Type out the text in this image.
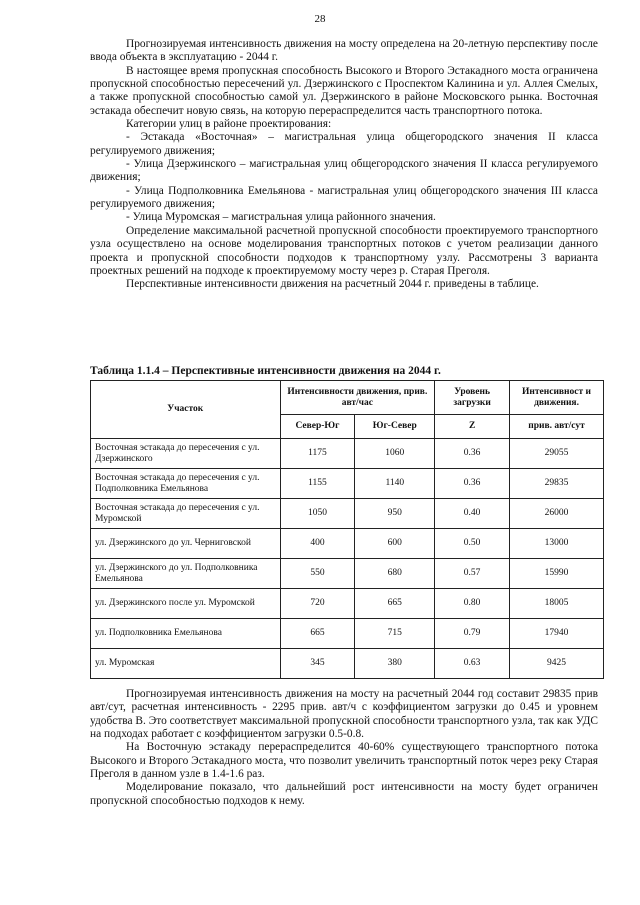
28

Прогнозируемая интенсивность движения на мосту определена на 20-летную перспективу после ввода объекта в эксплуатацию - 2044 г.

В настоящее время пропускная способность Высокого и Второго Эстакадного моста ограничена пропускной способностью пересечений ул. Дзержинского с Проспектом Калинина и ул. Аллея Смелых, а также пропускной способностью самой ул. Дзержинского в районе Московского рынка. Восточная эстакада обеспечит новую связь, на которую перераспределится часть транспортного потока.

Категории улиц в районе проектирования:

- Эстакада «Восточная» – магистральная улица общегородского значения II класса регулируемого движения;

- Улица Дзержинского – магистральная улиц общегородского значения II класса регулируемого движения;

- Улица Подполковника Емельянова - магистральная улиц общегородского значения III класса регулируемого движения;

- Улица Муромская – магистральная улица районного значения.

Определение максимальной расчетной пропускной способности проектируемого транспортного узла осуществлено на основе моделирования транспортных потоков с учетом реализации данного проекта и пропускной способности подходов к транспортному узлу. Рассмотрены 3 варианта проектных решений на подходе к проектируемому мосту через р. Старая Преголя.

Перспективные интенсивности движения на расчетный 2044 г. приведены в таблице.

Таблица 1.1.4 – Перспективные интенсивности движения на 2044 г.
Участок	Интенсивности движения, прив. авт/час		Уровень загрузки	Интенсивност и движения.
	Север-Юг	Юг-Север	Z	прив. авт/сут
Восточная эстакада до пересечения с ул. Дзержинского	1175	1060	0.36	29055
Восточная эстакада до пересечения с ул. Подполковника Емельянова	1155	1140	0.36	29835
Восточная эстакада до пересечения с ул. Муромской	1050	950	0.40	26000
ул. Дзержинского до ул. Черниговской	400	600	0.50	13000
ул. Дзержинского до ул. Подполковника Емельянова	550	680	0.57	15990
ул. Дзержинского после ул. Муромской	720	665	0.80	18005
ул. Подполковника Емельянова	665	715	0.79	17940
ул. Муромская	345	380	0.63	9425

Прогнозируемая интенсивность движения на мосту на расчетный 2044 год составит 29835 прив авт/сут, расчетная интенсивность - 2295 прив. авт/ч с коэффициентом загрузки до 0.45 и уровнем удобства В. Это соответствует максимальной пропускной способности транспортного узла, так как УДС на подходах работает с коэффициентом загрузки 0.5-0.8.

На Восточную эстакаду перераспределится 40-60% существующего транспортного потока Высокого и Второго Эстакадного моста, что позволит увеличить транспортный поток через реку Старая Преголя в данном узле в 1.4-1.6 раз.

Моделирование показало, что дальнейший рост интенсивности на мосту будет ограничен пропускной способностью подходов к нему.
